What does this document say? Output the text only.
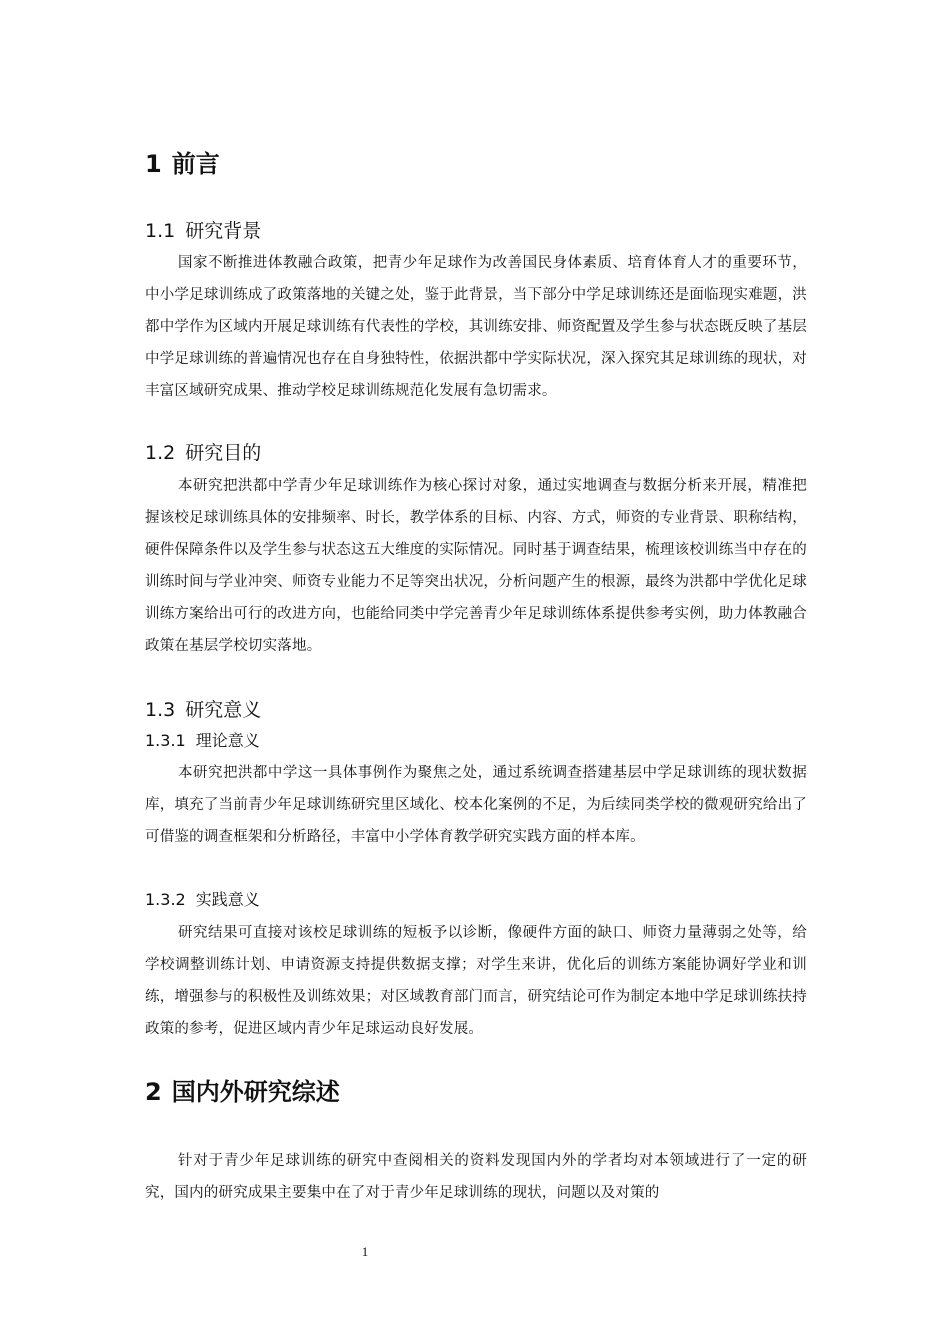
1 前言
1.1 研究背景

国家不断推进体教融合政策，把青少年足球作为改善国民身体素质、培育体育人才的重要环节，中小学足球训练成了政策落地的关键之处，鉴于此背景，当下部分中学足球训练还是面临现实难题，洪都中学作为区域内开展足球训练有代表性的学校，其训练安排、师资配置及学生参与状态既反映了基层中学足球训练的普遍情况也存在自身独特性，依据洪都中学实际状况，深入探究其足球训练的现状，对丰富区域研究成果、推动学校足球训练规范化发展有急切需求。

1.2 研究目的

本研究把洪都中学青少年足球训练作为核心探讨对象，通过实地调查与数据分析来开展，精准把握该校足球训练具体的安排频率、时长，教学体系的目标、内容、方式，师资的专业背景、职称结构，硬件保障条件以及学生参与状态这五大维度的实际情况。同时基于调查结果，梳理该校训练当中存在的训练时间与学业冲突、师资专业能力不足等突出状况，分析问题产生的根源，最终为洪都中学优化足球训练方案给出可行的改进方向，也能给同类中学完善青少年足球训练体系提供参考实例，助力体教融合政策在基层学校切实落地。

1.3 研究意义
1.3.1 理论意义

本研究把洪都中学这一具体事例作为聚焦之处，通过系统调查搭建基层中学足球训练的现状数据库，填充了当前青少年足球训练研究里区域化、校本化案例的不足，为后续同类学校的微观研究给出了可借鉴的调查框架和分析路径，丰富中小学体育教学研究实践方面的样本库。

1.3.2 实践意义

研究结果可直接对该校足球训练的短板予以诊断，像硬件方面的缺口、师资力量薄弱之处等，给学校调整训练计划、申请资源支持提供数据支撑；对学生来讲，优化后的训练方案能协调好学业和训练，增强参与的积极性及训练效果；对区域教育部门而言，研究结论可作为制定本地中学足球训练扶持政策的参考，促进区域内青少年足球运动良好发展。

2 国内外研究综述

针对于青少年足球训练的研究中查阅相关的资料发现国内外的学者均对本领域进行了一定的研究，国内的研究成果主要集中在了对于青少年足球训练的现状，问题以及对策的

1
